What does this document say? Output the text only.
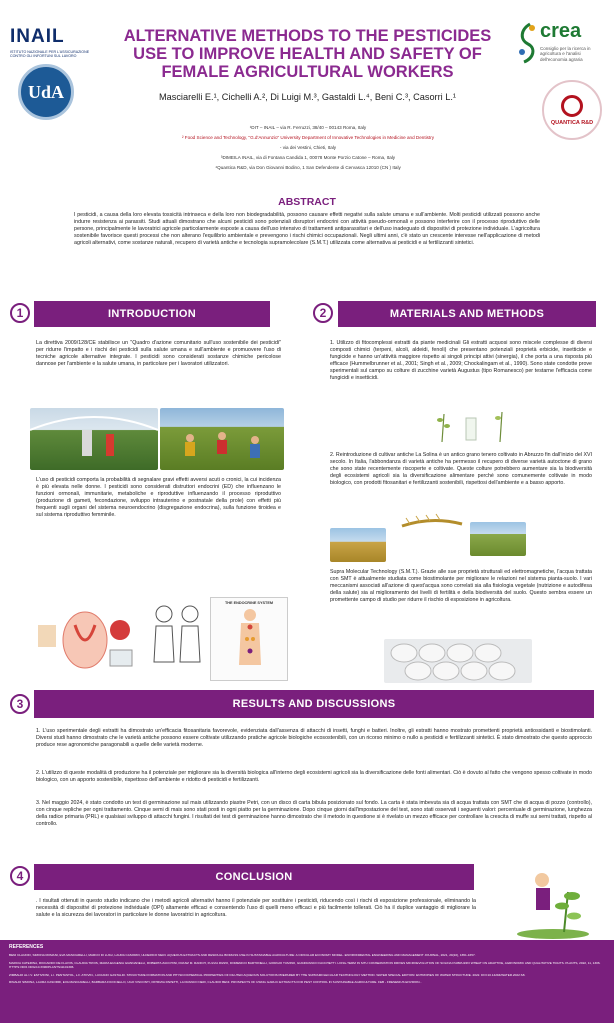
INAIL
ISTITUTO NAZIONALE PER L'ASSICURAZIONE CONTRO GLI INFORTUNI SUL LAVORO
UdA
crea
Consiglio per la ricerca in agricoltura e l'analisi dell'economia agraria
QUANTICA R&D
ALTERNATIVE METHODS TO THE PESTICIDES
USE TO IMPROVE HEALTH AND SAFETY OF
FEMALE AGRICULTURAL WORKERS
Masciarelli E.¹, Cichelli A.², Di Luigi M.³, Gastaldi L.⁴, Beni C.³, Casorri L.¹
¹DIT – INAIL – via R. Ferruzzi, 38/40 – 00143 Roma, Italy
² Food Science and Technology, "G.d'Annunzio" University Department of Innovative Technologies in Medicine and Dentistry
- via dei Vestini, Chieti, Italy
³DIMEILA INAIL, via di Fontana Candida 1, 00078 Monte Porzio Catone – Roma, Italy
⁴Quantica R&D, via Don Giovanni Bodino, 1 San Defendente di Cervasca 12010 (CN ) Italy
ABSTRACT

I pesticidi, a causa della loro elevata tossicità intrinseca e della loro non biodegradabilità, possono causare effetti negativi sulla salute umana e sull'ambiente. Molti pesticidi utilizzati possono anche indurre resistenza ai parassiti. Studi attuali dimostrano che alcuni pesticidi sono potenziali disruptori endocrini con attività pseudo-ormonali e possono interferire con il processo riproduttivo delle persone, principalmente le lavoratrici agricole particolarmente esposte a causa dell'uso intensivo di trattamenti antiparassitari e dell'uso inadeguato di dispositivi di protezione individuale. L'agricoltura sostenibile favorisce questi processi che non alterano l'equilibrio ambientale e prevengono i rischi chimici occupazionali. Negli ultimi anni, c'è stato un crescente interesse nell'applicazione di metodi agricoli alternativi, come sostanze naturali, recupero di varietà antiche e tecnologia supramolecolare (S.M.T.) utilizzata come alternativa ai pesticidi e ai fertilizzanti sintetici.

1	INTRODUCTION
La direttiva 2009/128/CE stabilisce un "Quadro d'azione comunitario sull'uso sostenibile dei pesticidi" per ridurre l'impatto e i rischi dei pesticidi sulla salute umana e sull'ambiente e promuovere l'uso di tecniche agricole alternative integrate. I pesticidi sono considerati sostanze chimiche pericolose dannose per l'ambiente e la salute umana, in particolare per i lavoratori utilizzatori.
L'uso di pesticidi comporta la probabilità di segnalare gravi effetti avversi acuti o cronici, la cui incidenza è più elevata nelle donne. I pesticidi sono considerati distruttori endocrini (ED) che influenzano le funzioni ormonali, immunitarie, metaboliche e riproduttive influenzando il processo riproduttivo (produzione di gameti, fecondazione, sviluppo intrauterino e postnatale della prole) con effetti più frequenti sugli organi del sistema neuroendocrino (disgregazione endocrina), sulla funzione tiroidea e sul sistema riproduttivo femminile.
THE ENDOCRINE SYSTEM
2	MATERIALS AND METHODS
1. Utilizzo di fitocomplessi estratti da piante medicinali Gli estratti acquosi sono miscele complesse di diversi composti chimici (terpeni, alcoli, aldeidi, fenoli) che presentano potenziali proprietà erbicide, insetticide e fungicide e hanno un'attività maggiore rispetto ai singoli principi attivi (sinergia), il che porta a una risposta più efficace (Hummelbrunner et al., 2001; Singh et al., 2009; Chockalingam et al., 1990). Sono state condotte prove sperimentali sul campo su colture di zucchine varietà Augustus (tipo Romanesco) per testarne l'efficacia come fungicidi e insetticidi.
2. Reintroduzione di cultivar antiche La Solina è un antico grano tenero coltivato in Abruzzo fin dall'inizio del XVI secolo. In Italia, l'abbondanza di varietà antiche ha permesso il recupero di diverse varietà autoctone di grano che sono state recentemente riscoperte e coltivate. Queste colture potrebbero aumentare sia la biodiversità degli ecosistemi agricoli sia la diversificazione alimentare perché sono comunemente coltivate in modo biologico, con prodotti fitosanitari e fertilizzanti sostenibili, rispettosi dell'ambiente e a basso apporto.
Supra Molecular Technology (S.M.T.). Grazie alle sue proprietà strutturali ed elettromagnetiche, l'acqua trattata con SMT è attualmente studiata come biostimolante per migliorare le relazioni nel sistema pianta-suolo. I vari meccanismi associati all'azione di quest'acqua sono correlati sia alla fisiologia vegetale (nutrizione e autodifesa della salute) sia al miglioramento dei livelli di fertilità e della biodiversità del suolo. Questo sembra essere un promettente campo di studio per ridurre il rischio di esposizione in agricoltura.
3	RESULTS AND DISCUSSIONS
1. L'uso sperimentale degli estratti ha dimostrato un'efficacia fitosanitaria favorevole, evidenziata dall'assenza di attacchi di insetti, funghi e batteri. Inoltre, gli estratti hanno mostrato promettenti proprietà antiossidanti e biostimolanti. Diversi studi hanno dimostrato che le varietà antiche possono essere coltivate utilizzando pratiche agricole biologiche ecosostenibili, con un ricorso minimo o nullo a pesticidi e fertilizzanti sintetici. È stato dimostrato che questo approccio produce rese agronomiche paragonabili a quelle delle varietà moderne.
2. L'utilizzo di queste modalità di produzione ha il potenziale per migliorare sia la diversità biologica all'interno degli ecosistemi agricoli sia la diversificazione delle fonti alimentari. Ciò è dovuto al fatto che vengono spesso coltivate in modo biologico, con un apporto sostenibile, rispettoso dell'ambiente e ridotto di pesticidi e fertilizzanti.
3. Nel maggio 2024, è stato condotto un test di germinazione sul mais utilizzando piastre Petri, con un disco di carta bibula posizionato sul fondo. La carta è stata imbevuta sia di acqua trattata con SMT che di acqua di pozzo (controllo), con cinque repliche per ogni trattamento. Cinque semi di mais sono stati posti in ogni piatto per la germinazione. Dopo cinque giorni dall'impostazione del test, sono stati osservati i seguenti valori: percentuale di germinazione, lunghezza della radice primaria (PRL) e qualsiasi sviluppo di attacchi fungini. I risultati dei test di germinazione hanno dimostrato che il metodo in questione si è rivelato un mezzo efficace per controllare la crescita di muffe sui semi trattati, rispetto al controllo.
4	CONCLUSION
. I risultati ottenuti in questo studio indicano che i metodi agricoli alternativi hanno il potenziale per sostituire i pesticidi, riducendo così i rischi di esposizione professionale, eliminando la necessità di dispositivi di protezione individuale (DPI) altamente efficaci e consentendo l'uso di quelli meno efficaci e più facilmente tollerati. Ciò ha il duplice vantaggio di migliorare la salute e la sicurezza dei lavoratori in particolare le donne lavoratrici in agricoltura.
REFERENCES

BENI CLAUDIO, SIMONA ROMANI, EVA MASCIARELLI, MARCO DI LUIGI, LAURA CASORRI, ULDERICO NERI. AQUEOUS EXTRACTS AND RESIDUAL BIOMASS USE IN SUSTAINABLE AGRICULTURE: A CIRCULAR ECONOMY MODEL. ENVIRONMENTAL ENGINEERING AND MANAGEMENT JOURNAL, 2021, 20(10), 1651-1657.

MARCIA CATERINA, RICCARDO DE FLAVIIS, CLAUDIA TROIS, MARIA EUGENIA GIANNANELLI, ROBERTA ZACCHINI, FRANZ M. RADICH, FULVIA RIZZO, DOMENICO BARTONELLI, GIORGIO TUMINO, GIANFRANCO FACCHETTI. LONG-TERM IN SITU CONSERVATION DRIVES MICROEVOLUTION OF SOLINA D'ABRUZZO WHEAT ON ADAPTIVE, AGRONOMIC AND QUALITATIVE TRAITS. PLANTS, 2022, 11, 1306. HTTPS://DOI.ORG/10.3390/PLANTS11101306.

ZIMBALDI AL I.V. ESTIVIONI, L.I. PENTASTOL, L.F. ATOVIN., LUCIANO GASTALDI. STRUCTURE FORMATION AND PHYSICOCHEMICAL PROPERTIES OF DILUTED AQUEOUS SOLUTIONS PREPARED BY THE SUPRAMOLECULAR TECHNOLOGY METHOD. WATER SPECIAL EDITION: ENTROPIES OF WATER STRUCTURE. 2022. DOI:10.14294/WATER.2022.S8.

RINALDI SIMONA, LAURA CASORRI, EVA MASCIARELLI, BARBARA FICOCIELLO, UGO VISCONTI, PATRIZIA PAPETTI, LA FRANCO NERI, CLAUDIO BENI. PROSPECTS OF USING GARLIC EXTRACTS FOR PEST CONTROL IN SUSTAINABLE AGRICULTURE. FEB - FRESENIUS ENVIRON...
